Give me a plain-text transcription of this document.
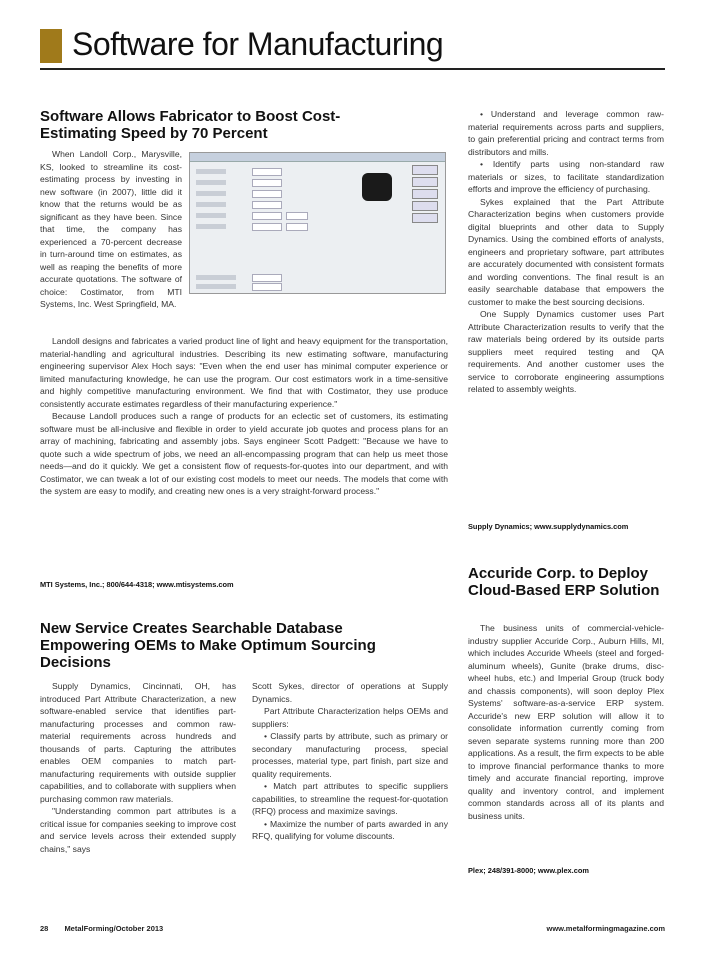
Software for Manufacturing
Software Allows Fabricator to Boost Cost-Estimating Speed by 70 Percent

When Landoll Corp., Marysville, KS, looked to streamline its cost-estimating process by investing in new software (in 2007), little did it know that the returns would be as significant as they have been. Since that time, the company has experienced a 70-percent decrease in turn-around time on estimates, as well as reaping the benefits of more accurate quotations. The software of choice: Costimator, from MTI Systems, Inc. West Springfield, MA.

Landoll designs and fabricates a varied product line of light and heavy equipment for the transportation, material-handling and agricultural industries. Describing its new estimating software, manufacturing engineering supervisor Alex Hoch says: "Even when the end user has minimal computer experience or limited manufacturing knowledge, he can use the program. Our cost estimators work in a time-sensitive and highly competitive manufacturing environment. We find that with Costimator, they use produce consistently accurate estimates regardless of their manufacturing experience."

Because Landoll produces such a range of products for an eclectic set of customers, its estimating software must be all-inclusive and flexible in order to yield accurate job quotes and process plans for an array of machining, fabricating and assembly jobs. Says engineer Scott Padgett: "Because we have to quote such a wide spectrum of jobs, we need an all-encompassing program that can help us meet those needs—and do it quickly. We get a consistent flow of requests-for-quotes into our department, and with Costimator, we can tweak a lot of our existing cost models to meet our needs. The models that come with the system are easy to modify, and creating new ones is a very straight-forward process."

MTI Systems, Inc.; 800/644-4318; www.mtisystems.com
New Service Creates Searchable Database Empowering OEMs to Make Optimum Sourcing Decisions

Supply Dynamics, Cincinnati, OH, has introduced Part Attribute Characterization, a new software-enabled service that identifies part-manufacturing processes and common raw-material requirements across hundreds and thousands of parts. Capturing the attributes enables OEM companies to match part-manufacturing requirements with outside supplier capabilities, and to collaborate with suppliers when purchasing common raw materials.

"Understanding common part attributes is a critical issue for companies seeking to improve cost and service levels across their extended supply chains," says

Scott Sykes, director of operations at Supply Dynamics.

Part Attribute Characterization helps OEMs and suppliers:

• Classify parts by attribute, such as primary or secondary manufacturing process, special processes, material type, part finish, part size and quality requirements.

• Match part attributes to specific suppliers capabilities, to streamline the request-for-quotation (RFQ) process and maximize savings.

• Maximize the number of parts awarded in any RFQ, qualifying for volume discounts.

• Understand and leverage common raw-material requirements across parts and suppliers, to gain preferential pricing and contract terms from distributors and mills.

• Identify parts using non-standard raw materials or sizes, to facilitate standardization efforts and improve the efficiency of purchasing.

Sykes explained that the Part Attribute Characterization begins when customers provide digital blueprints and other data to Supply Dynamics. Using the combined efforts of analysts, engineers and proprietary software, part attributes are accurately documented with consistent formats and wording conventions. The final result is an easily searchable database that empowers the customer to make the best sourcing decisions.

One Supply Dynamics customer uses Part Attribute Characterization results to verify that the raw materials being ordered by its outside parts suppliers meet required testing and QA requirements. And another customer uses the service to corroborate engineering assumptions related to assembly weights.

Supply Dynamics; www.supplydynamics.com
Accuride Corp. to Deploy Cloud-Based ERP Solution

The business units of commercial-vehicle-industry supplier Accuride Corp., Auburn Hills, MI, which includes Accuride Wheels (steel and forged-aluminum wheels), Gunite (brake drums, disc-wheel hubs, etc.) and Imperial Group (truck body and chassis components), will soon deploy Plex Systems' software-as-a-service ERP system. Accuride's new ERP solution will allow it to consolidate information currently coming from seven separate systems running more than 200 applications. As a result, the firm expects to be able to improve financial performance thanks to more timely and accurate financial reporting, improve quality and inventory control, and implement common standards across all of its plants and business units.

Plex; 248/391-8000; www.plex.com
28 MetalForming/October 2013	www.metalformingmagazine.com
